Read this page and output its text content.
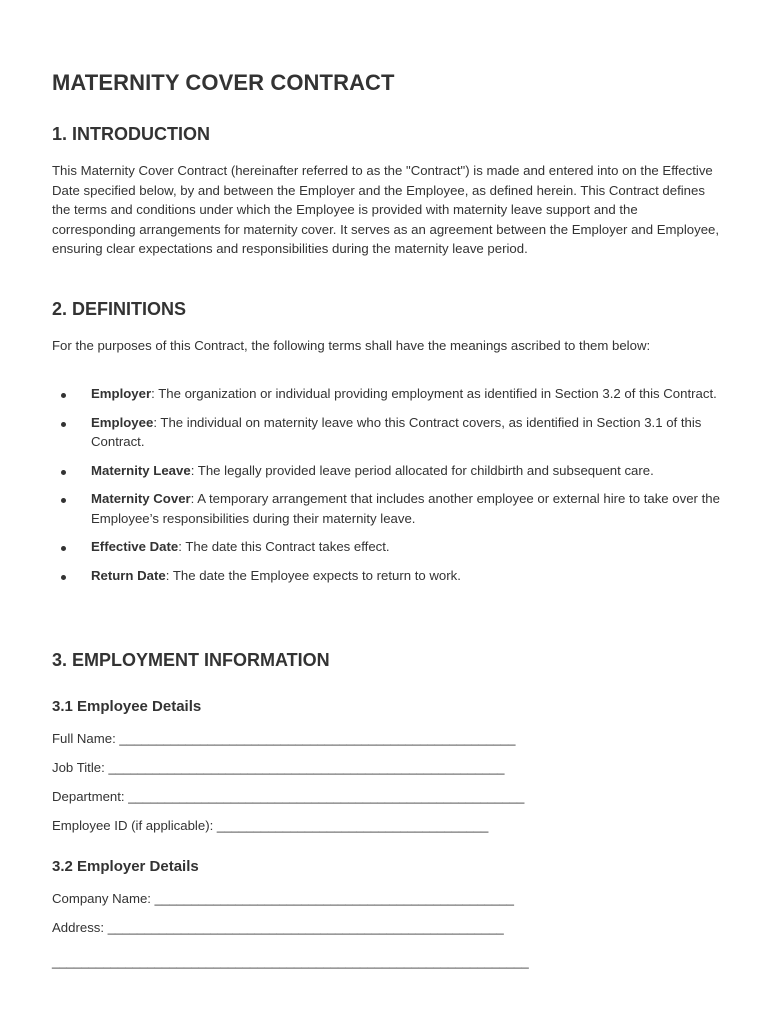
MATERNITY COVER CONTRACT
1. INTRODUCTION

This Maternity Cover Contract (hereinafter referred to as the "Contract") is made and entered into on the Effective Date specified below, by and between the Employer and the Employee, as defined herein. This Contract defines the terms and conditions under which the Employee is provided with maternity leave support and the corresponding arrangements for maternity cover. It serves as an agreement between the Employer and Employee, ensuring clear expectations and responsibilities during the maternity leave period.

2. DEFINITIONS

For the purposes of this Contract, the following terms shall have the meanings ascribed to them below:

Employer: The organization or individual providing employment as identified in Section 3.2 of this Contract.
Employee: The individual on maternity leave who this Contract covers, as identified in Section 3.1 of this Contract.
Maternity Leave: The legally provided leave period allocated for childbirth and subsequent care.
Maternity Cover: A temporary arrangement that includes another employee or external hire to take over the Employee’s responsibilities during their maternity leave.
Effective Date: The date this Contract takes effect.
Return Date: The date the Employee expects to return to work.
3. EMPLOYMENT INFORMATION
3.1 Employee Details

Full Name: ______________________________________________________

Job Title: ______________________________________________________

Department: ______________________________________________________

Employee ID (if applicable): _____________________________________

3.2 Employer Details

Company Name: _________________________________________________

Address: ______________________________________________________

_________________________________________________________________
